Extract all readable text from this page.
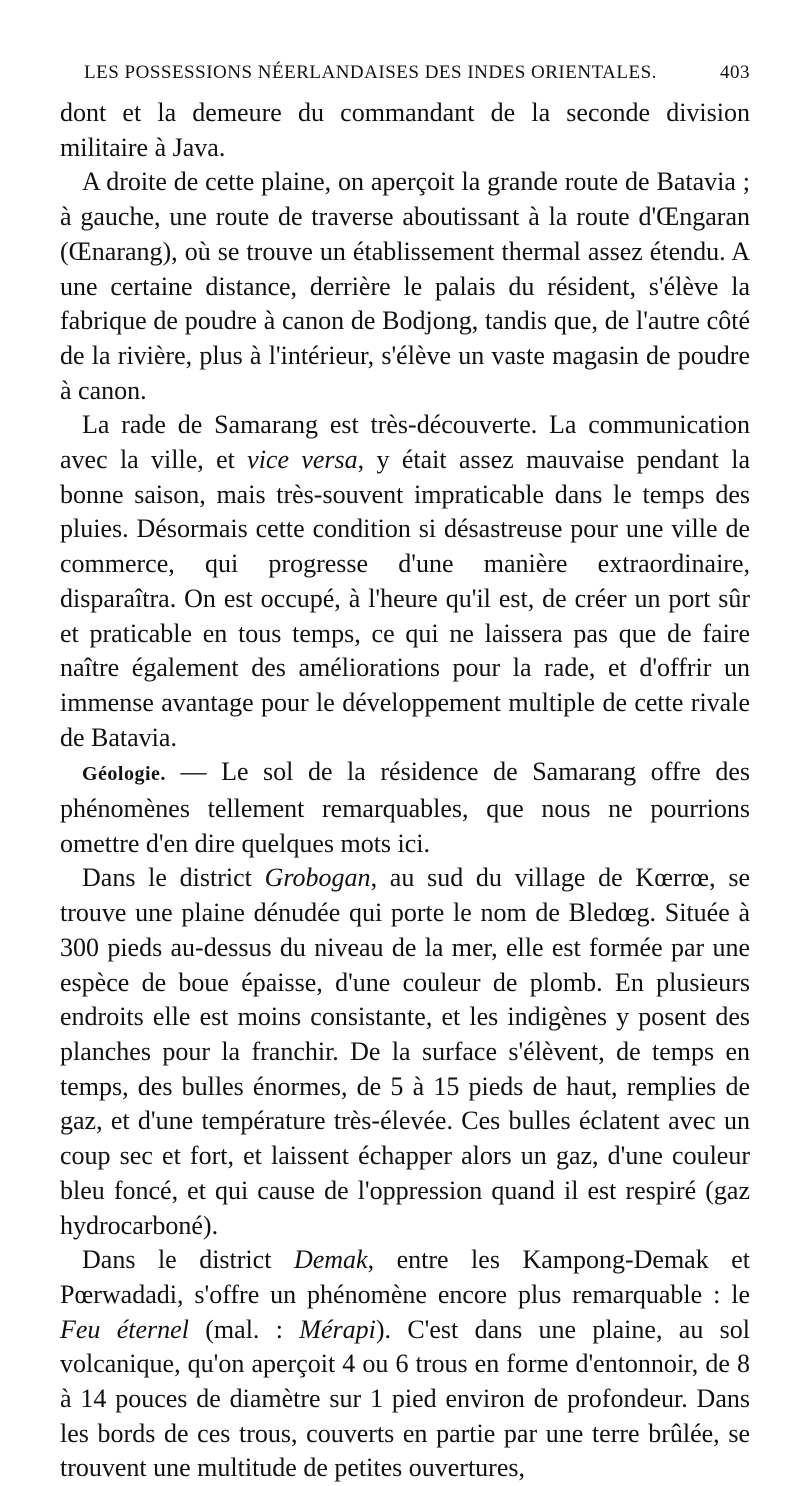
LES POSSESSIONS NÉERLANDAISES DES INDES ORIENTALES.	403

dont et la demeure du commandant de la seconde division militaire à Java.

A droite de cette plaine, on aperçoit la grande route de Batavia ; à gauche, une route de traverse aboutissant à la route d'Œngaran (Œnarang), où se trouve un établissement thermal assez étendu. A une certaine distance, derrière le palais du résident, s'élève la fabrique de poudre à canon de Bodjong, tandis que, de l'autre côté de la rivière, plus à l'intérieur, s'élève un vaste magasin de poudre à canon.

La rade de Samarang est très-découverte. La communication avec la ville, et vice versa, y était assez mauvaise pendant la bonne saison, mais très-souvent impraticable dans le temps des pluies. Désormais cette condition si désastreuse pour une ville de commerce, qui progresse d'une manière extraordinaire, disparaîtra. On est occupé, à l'heure qu'il est, de créer un port sûr et praticable en tous temps, ce qui ne laissera pas que de faire naître également des améliorations pour la rade, et d'offrir un immense avantage pour le développement multiple de cette rivale de Batavia.

Géologie. — Le sol de la résidence de Samarang offre des phénomènes tellement remarquables, que nous ne pourrions omettre d'en dire quelques mots ici.

Dans le district Grobogan, au sud du village de Kœrrœ, se trouve une plaine dénudée qui porte le nom de Bledœg. Située à 300 pieds au-dessus du niveau de la mer, elle est formée par une espèce de boue épaisse, d'une couleur de plomb. En plusieurs endroits elle est moins consistante, et les indigènes y posent des planches pour la franchir. De la surface s'élèvent, de temps en temps, des bulles énormes, de 5 à 15 pieds de haut, remplies de gaz, et d'une température très-élevée. Ces bulles éclatent avec un coup sec et fort, et laissent échapper alors un gaz, d'une couleur bleu foncé, et qui cause de l'oppression quand il est respiré (gaz hydrocarboné).

Dans le district Demak, entre les Kampong-Demak et Pœrwadadi, s'offre un phénomène encore plus remarquable : le Feu éternel (mal. : Mérapi). C'est dans une plaine, au sol volcanique, qu'on aperçoit 4 ou 6 trous en forme d'entonnoir, de 8 à 14 pouces de diamètre sur 1 pied environ de profondeur. Dans les bords de ces trous, couverts en partie par une terre brûlée, se trouvent une multitude de petites ouvertures,
